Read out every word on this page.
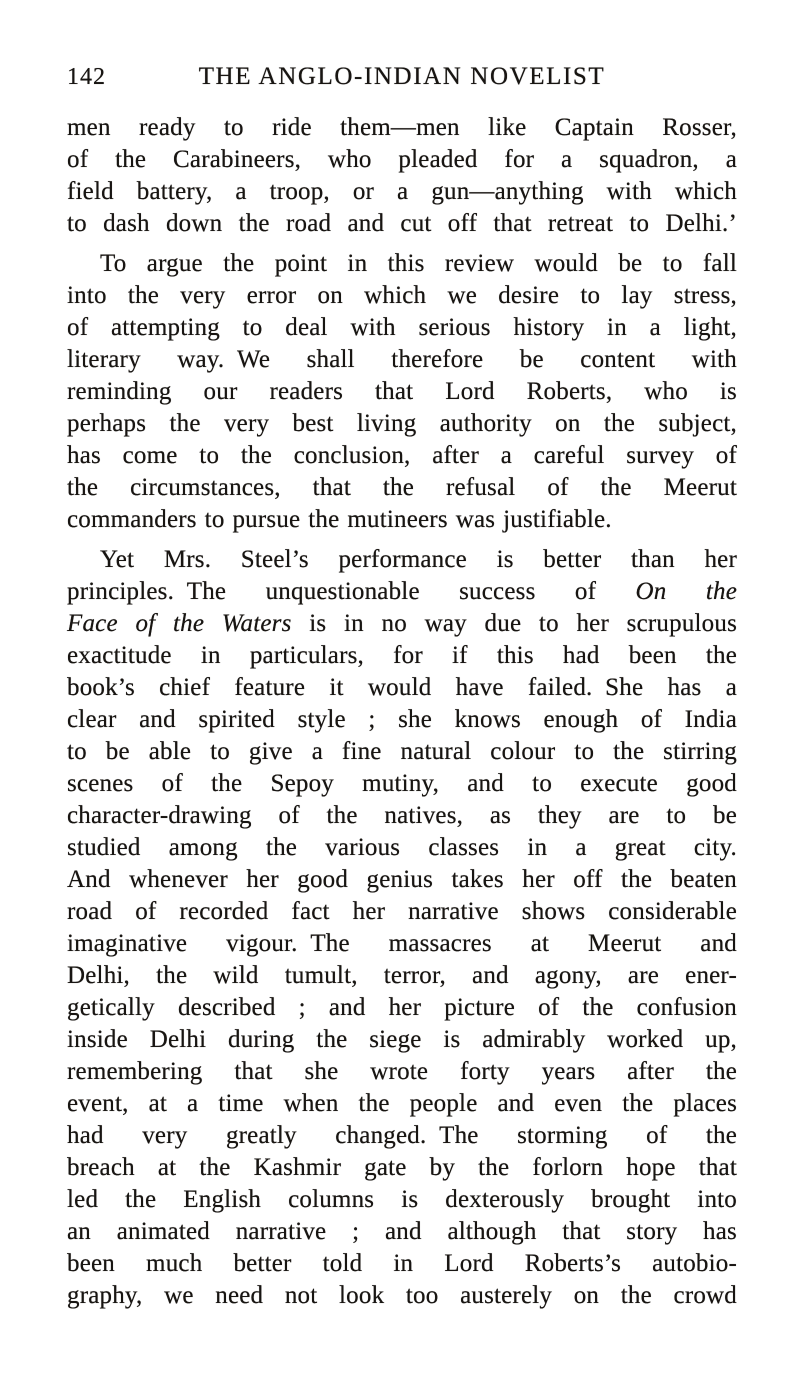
142	THE ANGLO-INDIAN NOVELIST

men ready to ride them—men like Captain Rosser,
of the Carabineers, who pleaded for a squadron, a
field battery, a troop, or a gun—anything with which
to dash down the road and cut off that retreat to Delhi.’

To argue the point in this review would be to fall
into the very error on which we desire to lay stress,
of attempting to deal with serious history in a light,
literary way. We shall therefore be content with
reminding our readers that Lord Roberts, who is
perhaps the very best living authority on the subject,
has come to the conclusion, after a careful survey of
the circumstances, that the refusal of the Meerut
commanders to pursue the mutineers was justifiable.

Yet Mrs. Steel’s performance is better than her
principles. The unquestionable success of On the
Face of the Waters is in no way due to her scrupulous
exactitude in particulars, for if this had been the
book’s chief feature it would have failed. She has a
clear and spirited style ; she knows enough of India
to be able to give a fine natural colour to the stirring
scenes of the Sepoy mutiny, and to execute good
character-drawing of the natives, as they are to be
studied among the various classes in a great city.
And whenever her good genius takes her off the beaten
road of recorded fact her narrative shows considerable
imaginative vigour. The massacres at Meerut and
Delhi, the wild tumult, terror, and agony, are ener-
getically described ; and her picture of the confusion
inside Delhi during the siege is admirably worked up,
remembering that she wrote forty years after the
event, at a time when the people and even the places
had very greatly changed. The storming of the
breach at the Kashmir gate by the forlorn hope that
led the English columns is dexterously brought into
an animated narrative ; and although that story has
been much better told in Lord Roberts’s autobio-
graphy, we need not look too austerely on the crowd
